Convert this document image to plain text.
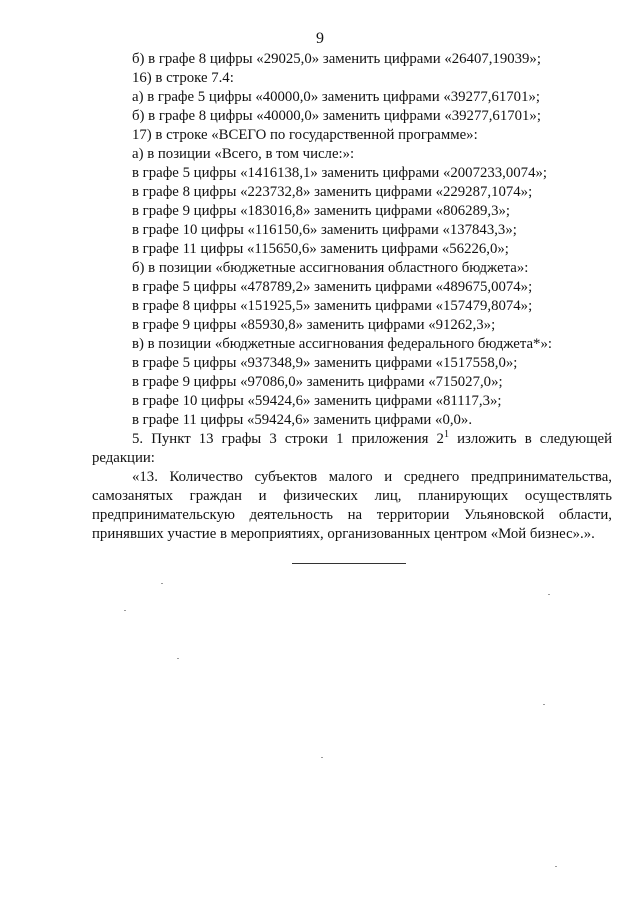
9
б) в графе 8 цифры «29025,0» заменить цифрами «26407,19039»;
16) в строке 7.4:
а) в графе 5 цифры «40000,0» заменить цифрами «39277,61701»;
б) в графе 8 цифры «40000,0» заменить цифрами «39277,61701»;
17) в строке «ВСЕГО по государственной программе»:
а) в позиции «Всего, в том числе:»:
в графе 5 цифры «1416138,1» заменить цифрами «2007233,0074»;
в графе 8 цифры «223732,8» заменить цифрами «229287,1074»;
в графе 9 цифры «183016,8» заменить цифрами «806289,3»;
в графе 10 цифры «116150,6» заменить цифрами «137843,3»;
в графе 11 цифры «115650,6» заменить цифрами «56226,0»;
б) в позиции «бюджетные ассигнования областного бюджета»:
в графе 5 цифры «478789,2» заменить цифрами «489675,0074»;
в графе 8 цифры «151925,5» заменить цифрами «157479,8074»;
в графе 9 цифры «85930,8» заменить цифрами «91262,3»;
в) в позиции «бюджетные ассигнования федерального бюджета*»:
в графе 5 цифры «937348,9» заменить цифрами «1517558,0»;
в графе 9 цифры «97086,0» заменить цифрами «715027,0»;
в графе 10 цифры «59424,6» заменить цифрами «81117,3»;
в графе 11 цифры «59424,6» заменить цифрами «0,0».
5. Пункт 13 графы 3 строки 1 приложения $2^1$ изложить в следующей
редакции:
«13. Количество субъектов малого и среднего предпринимательства,
самозанятых граждан и физических лиц, планирующих осуществлять
предпринимательскую деятельность на территории Ульяновской области,
принявших участие в мероприятиях, организованных центром «Мой бизнес».».
